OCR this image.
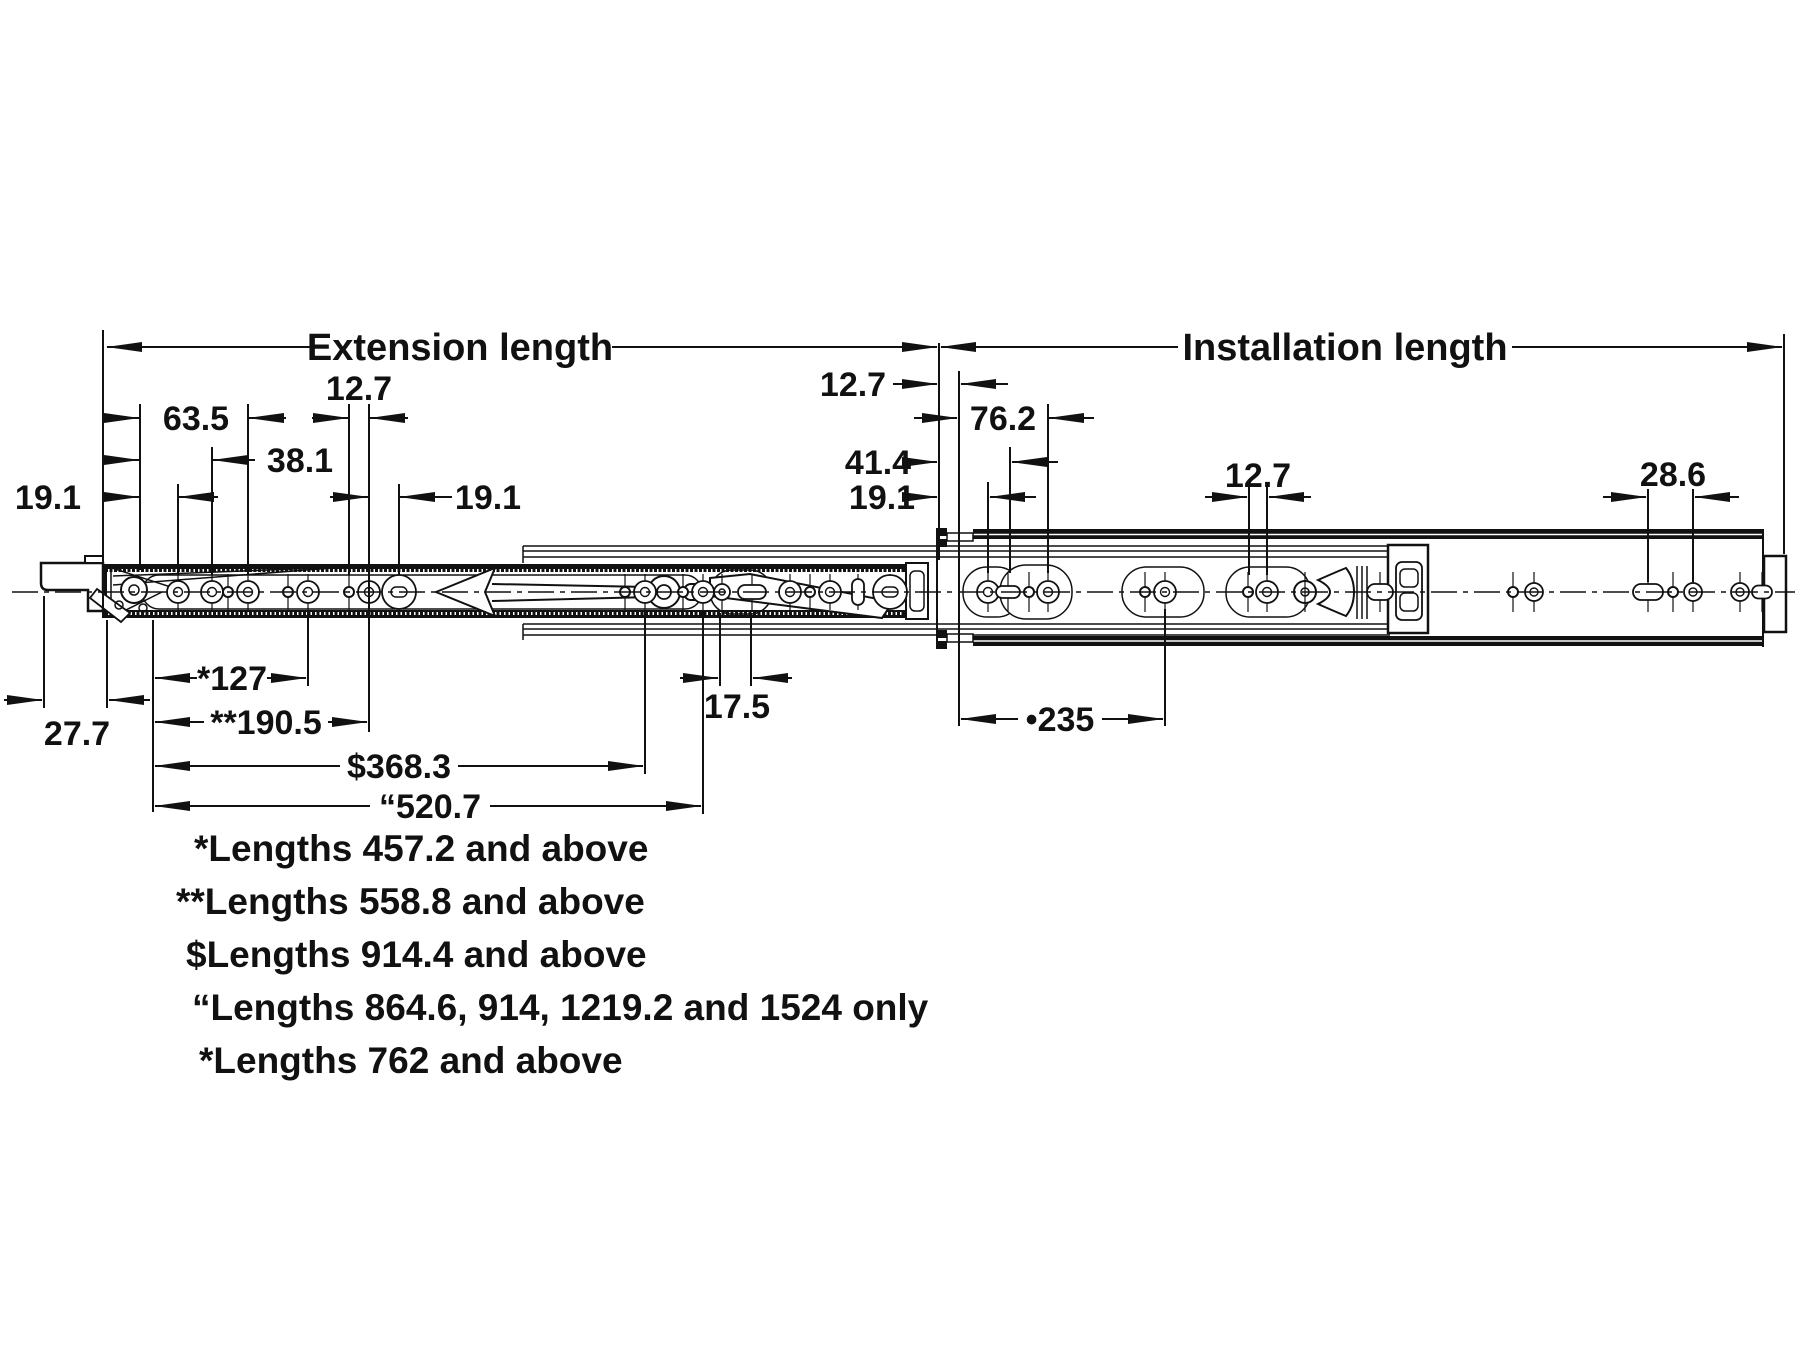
Extension length	Installation length
19.1
63.5
38.1
12.7
19.1
12.7
76.2
41.4
19.1
12.7	28.6
27.7
*127
**190.5
$368.3
“520.7
17.5	•235
*Lengths 457.2 and above
**Lengths 558.8 and above
$Lengths 914.4 and above
“Lengths 864.6, 914, 1219.2 and 1524 only
*Lengths 762 and above
